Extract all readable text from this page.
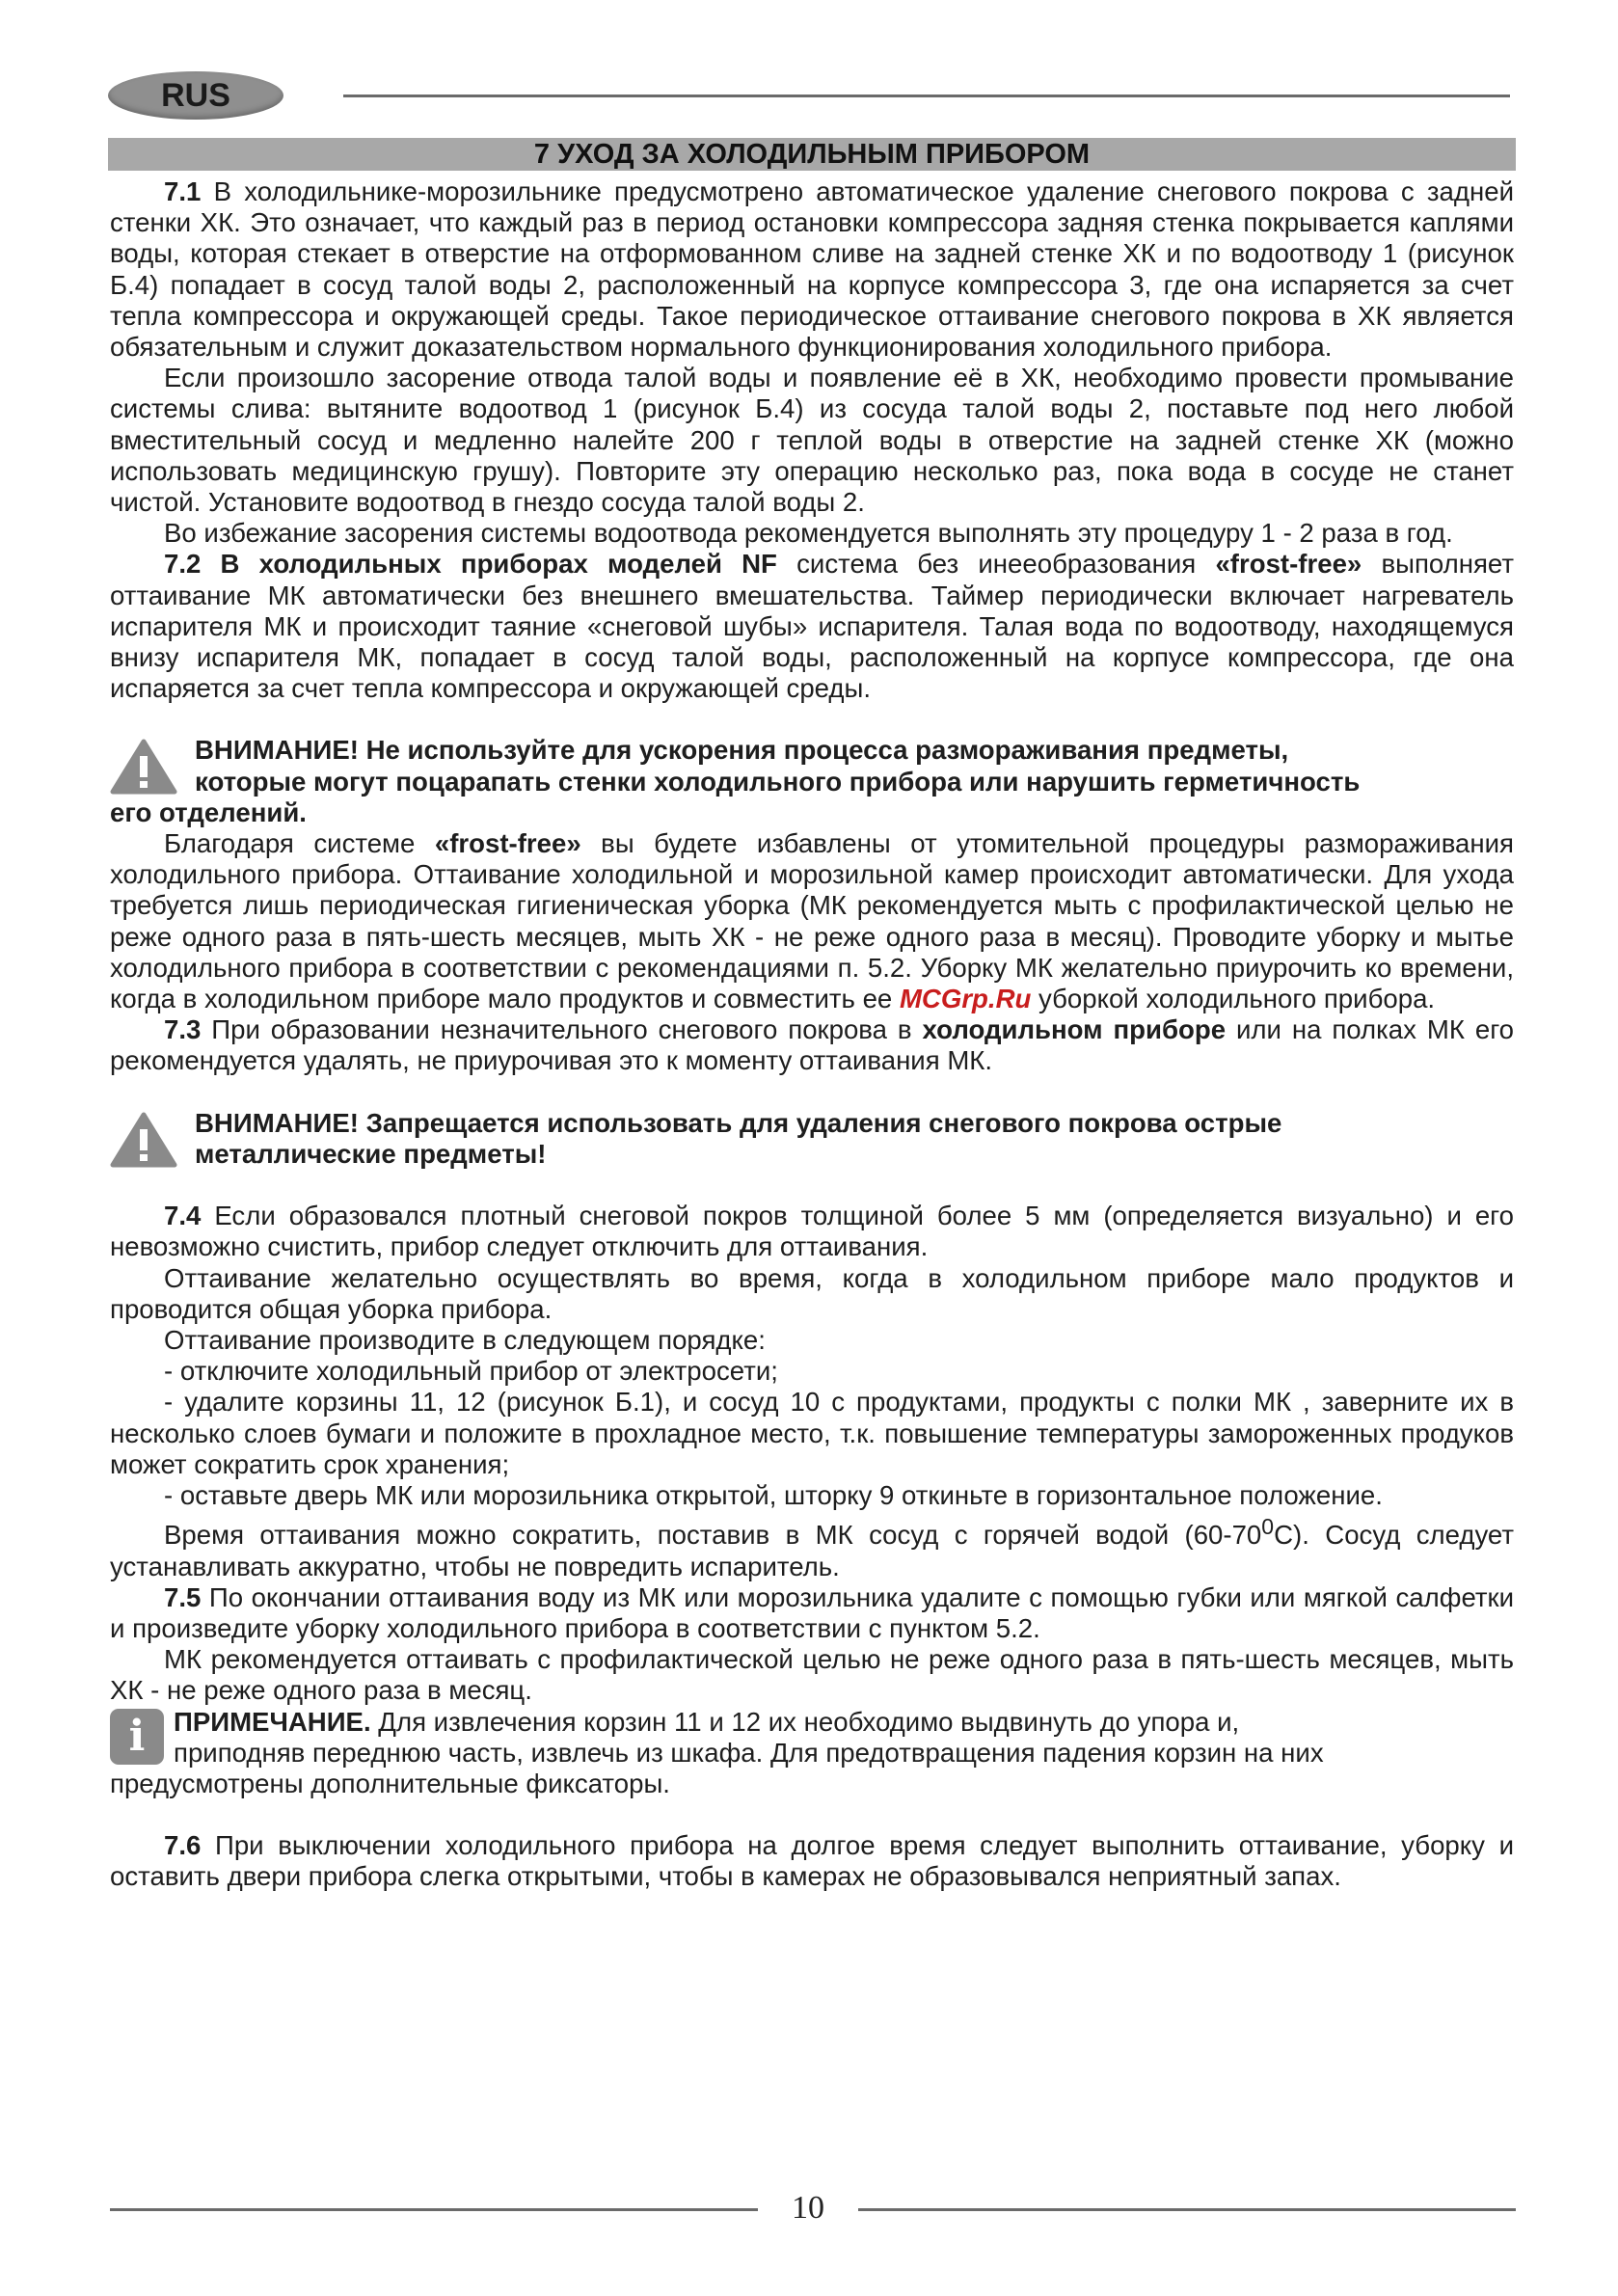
RUS
7 УХОД ЗА ХОЛОДИЛЬНЫМ ПРИБОРОМ

7.1 В холодильнике-морозильнике предусмотрено автоматическое удаление снегового покрова с задней стенки ХК. Это означает, что каждый раз в период остановки компрессора задняя стенка покрывается каплями воды, которая стекает в отверстие на отформованном сливе на задней стенке ХК и по водоотводу 1 (рисунок Б.4) попадает в сосуд талой воды 2, расположенный на корпусе компрессора 3, где она испаряется за счет тепла компрессора и окружающей среды. Такое периодическое оттаивание снегового покрова в ХК является обязательным и служит доказательством нормального функционирования холодильного прибора.

Если произошло засорение отвода талой воды и появление её в ХК, необходимо провести промывание системы слива: вытяните водоотвод 1 (рисунок Б.4) из сосуда талой воды 2, поставьте под него любой вместительный сосуд и медленно налейте 200 г теплой воды в отверстие на задней стенке ХК (можно использовать медицинскую грушу). Повторите эту операцию несколько раз, пока вода в сосуде не станет чистой. Установите водоотвод в гнездо сосуда талой воды 2.

Во избежание засорения системы водоотвода рекомендуется выполнять эту процедуру 1 - 2 раза в год.

7.2 В холодильных приборах моделей NF система без инееобразования «frost-free» выполняет оттаивание МК автоматически без внешнего вмешательства. Таймер периодически включает нагреватель испарителя МК и происходит таяние «снеговой шубы» испарителя. Талая вода по водоотводу, находящемуся внизу испарителя МК, попадает в сосуд талой воды, расположенный на корпусе компрессора, где она испаряется за счет тепла компрессора и окружающей среды.

ВНИМАНИЕ! Не используйте для ускорения процесса размораживания предметы,
которые могут поцарапать стенки холодильного прибора или нарушить герметичность
его отделений.

Благодаря системе «frost-free» вы будете избавлены от утомительной процедуры размораживания холодильного прибора. Оттаивание холодильной и морозильной камер происходит автоматически. Для ухода требуется лишь периодическая гигиеническая уборка (МК рекомендуется мыть с профилактической целью не реже одного раза в пять-шесть месяцев, мыть ХК - не реже одного раза в месяц). Проводите уборку и мытье холодильного прибора в соответствии с рекомендациями п. 5.2. Уборку МК желательно приурочить ко времени, когда в холодильном приборе мало продуктов и совместить ее MCGrp.Ru уборкой холодильного прибора.

7.3 При образовании незначительного снегового покрова в холодильном приборе или на полках МК его рекомендуется удалять, не приурочивая это к моменту оттаивания МК.

ВНИМАНИЕ! Запрещается использовать для удаления снегового покрова острые
металлические предметы!

7.4 Если образовался плотный снеговой покров толщиной более 5 мм (определяется визуально) и его невозможно счистить, прибор следует отключить для оттаивания.

Оттаивание желательно осуществлять во время, когда в холодильном приборе мало продуктов и проводится общая уборка прибора.

Оттаивание производите в следующем порядке:

- отключите холодильный прибор от электросети;

- удалите корзины 11, 12 (рисунок Б.1), и сосуд 10 с продуктами, продукты с полки МК , заверните их в несколько слоев бумаги и положите в прохладное место, т.к. повышение температуры замороженных продуков может сократить срок хранения;

- оставьте дверь МК или морозильника открытой, шторку 9 откиньте в горизонтальное положение.

Время оттаивания можно сократить, поставив в МК сосуд с горячей водой $(60-70^0С)$. Сосуд следует устанавливать аккуратно, чтобы не повредить испаритель.

7.5 По окончании оттаивания воду из МК или морозильника удалите с помощью губки или мягкой салфетки и произведите уборку холодильного прибора в соответствии с пунктом 5.2.

МК рекомендуется оттаивать с профилактической целью не реже одного раза в пять-шесть месяцев, мыть ХК - не реже одного раза в месяц.

i	ПРИМЕЧАНИЕ. Для извлечения корзин 11 и 12 их необходимо выдвинуть до упора и,
приподняв переднюю часть, извлечь из шкафа. Для предотвращения падения корзин на них
предусмотрены дополнительные фиксаторы.

7.6 При выключении холодильного прибора на долгое время следует выполнить оттаивание, уборку и оставить двери прибора слегка открытыми, чтобы в камерах не образовывался неприятный запах.

10
